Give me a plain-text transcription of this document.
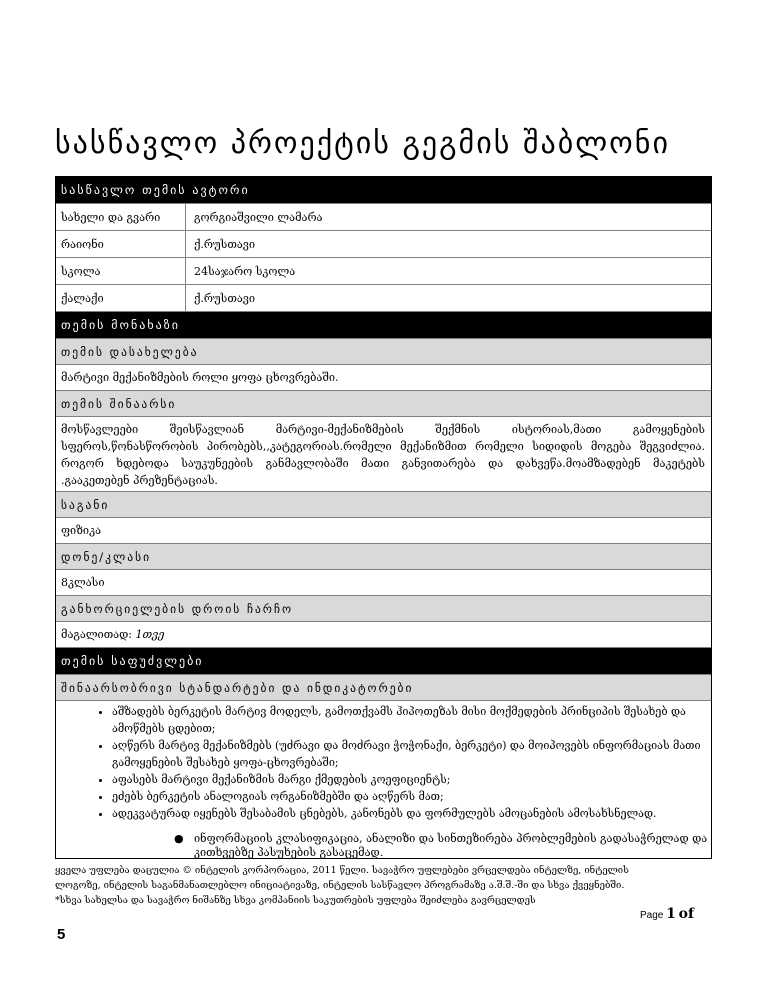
სასწავლო პროექტის გეგმის შაბლონი
სასწავლო თემის ავტორი
სახელი და გვარი	გორგიაშვილი ლამარა
რაიონი	ქ.რუსთავი
სკოლა	24საჯარო სკოლა
ქალაქი	ქ.რუსთავი
თემის მონახაზი
თემის დასახელება
მარტივი მექანიზმების როლი ყოფა ცხოვრებაში.
თემის შინაარსი
მოსწავლეები შეისწავლიან მარტივი-მექანიზმების შექმნის ისტორიას,მათი გამოყენების სფეროს,წონასწორობის პირობებს,,კატეგორიას.რომელი მექანიზმით რომელი სიდიდის მოგება შეგვიძლია. როგორ ხდებოდა საუკუნეების განმავლობაში მათი განვითარება და დახვეწა.მოამზადებენ მაკეტებს .გააკეთებენ პრეზენტაციას.
საგანი
ფიზიკა
დონე/კლასი
8კლასი
განხორციელების დროის ჩარჩო
მაგალითად: 1თვე
თემის საფუძვლები
შინაარსობრივი სტანდარტები და ინდიკატორები
• აშზადებს ბერკეტის მარტივ მოდელს, გამოთქვამს ჰიპოთეზას მისი მოქმედების პრინციპის შესახებ და ამოწმებს ცდებით;
• აღწერს მარტივ მექანიზმებს (უძრავი და მოძრავი ჭოჭონაქი, ბერკეტი) და მოიპოვებს ინფორმაციას მათი გამოყენების შესახებ ყოფა-ცხოვრებაში;
• აფასებს მარტივი მექანიზმის მარგი ქმედების კოეფიციენტს;
• ეძებს ბერკეტის ანალოგიას ორგანიზმებში და აღწერს მათ;
• ადეკვატურად იყენებს შესაბამის ცნებებს, კანონებს და ფორმულებს ამოცანების ამოსახსნელად.
● ინფორმაციის კლასიფიკაცია, ანალიზი და სინთეზირება პრობლემების გადასაჭრელად და კითხვებზე პასუხების გასაცემად.
ყველა უფლება დაცულია © ინტელის კორპორაცია, 2011 წელი. სავაჭრო უფლებები ვრცელდება ინტელზე, ინტელის
ლოგოზე, ინტელის საგანმანათლებლო ინიციატივაზე, ინტელის სასწავლო პროგრამაზე ა.შ.შ.-ში და სხვა ქვეყნებში.
*სხვა სახელსა და სავაჭრო ნიშანზე სხვა კომპანიის საკუთრების უფლება შეიძლება გავრცელდეს
Page 1 of
5
